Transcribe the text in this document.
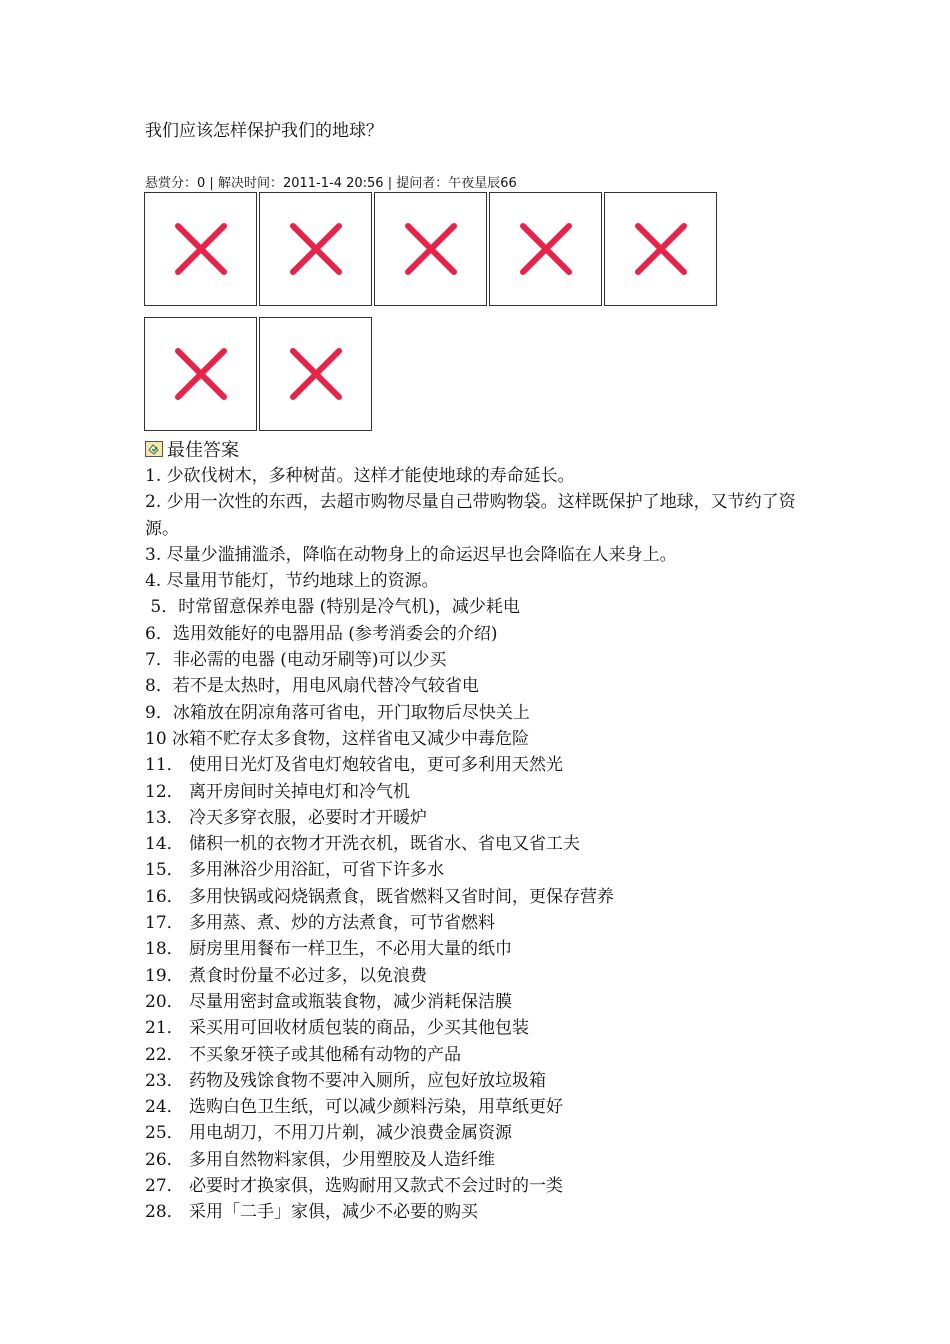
我们应该怎样保护我们的地球？
悬赏分：0 | 解决时间：2011-1-4 20:56 | 提问者：午夜星辰66
最佳答案
1. 少砍伐树木，多种树苗。这样才能使地球的寿命延长。
2. 少用一次性的东西，去超市购物尽量自己带购物袋。这样既保护了地球，又节约了资源。
3. 尽量少滥捕滥杀，降临在动物身上的命运迟早也会降临在人来身上。
4. 尽量用节能灯，节约地球上的资源。
5．时常留意保养电器 (特别是冷气机)，减少耗电
6．选用效能好的电器用品 (参考消委会的介绍)
7．非必需的电器 (电动牙刷等)可以少买
8．若不是太热时，用电风扇代替冷气较省电
9．冰箱放在阴凉角落可省电，开门取物后尽快关上
10 冰箱不贮存太多食物，这样省电又减少中毒危险
11． 使用日光灯及省电灯炮较省电，更可多利用天然光
12． 离开房间时关掉电灯和冷气机
13． 冷天多穿衣服，必要时才开暖炉
14． 储积一机的衣物才开洗衣机，既省水、省电又省工夫
15． 多用淋浴少用浴缸，可省下许多水
16． 多用快锅或闷烧锅煮食，既省燃料又省时间，更保存营养
17． 多用蒸、煮、炒的方法煮食，可节省燃料
18． 厨房里用餐布一样卫生，不必用大量的纸巾
19． 煮食时份量不必过多，以免浪费
20． 尽量用密封盒或瓶装食物，减少消耗保洁膜
21． 采买用可回收材质包装的商品，少买其他包装
22． 不买象牙筷子或其他稀有动物的产品
23． 药物及残馀食物不要冲入厕所，应包好放垃圾箱
24． 选购白色卫生纸，可以减少颜料污染，用草纸更好
25． 用电胡刀，不用刀片剃，减少浪费金属资源
26． 多用自然物料家俱，少用塑胶及人造纤维
27． 必要时才换家俱，选购耐用又款式不会过时的一类
28． 采用「二手」家俱，减少不必要的购买
